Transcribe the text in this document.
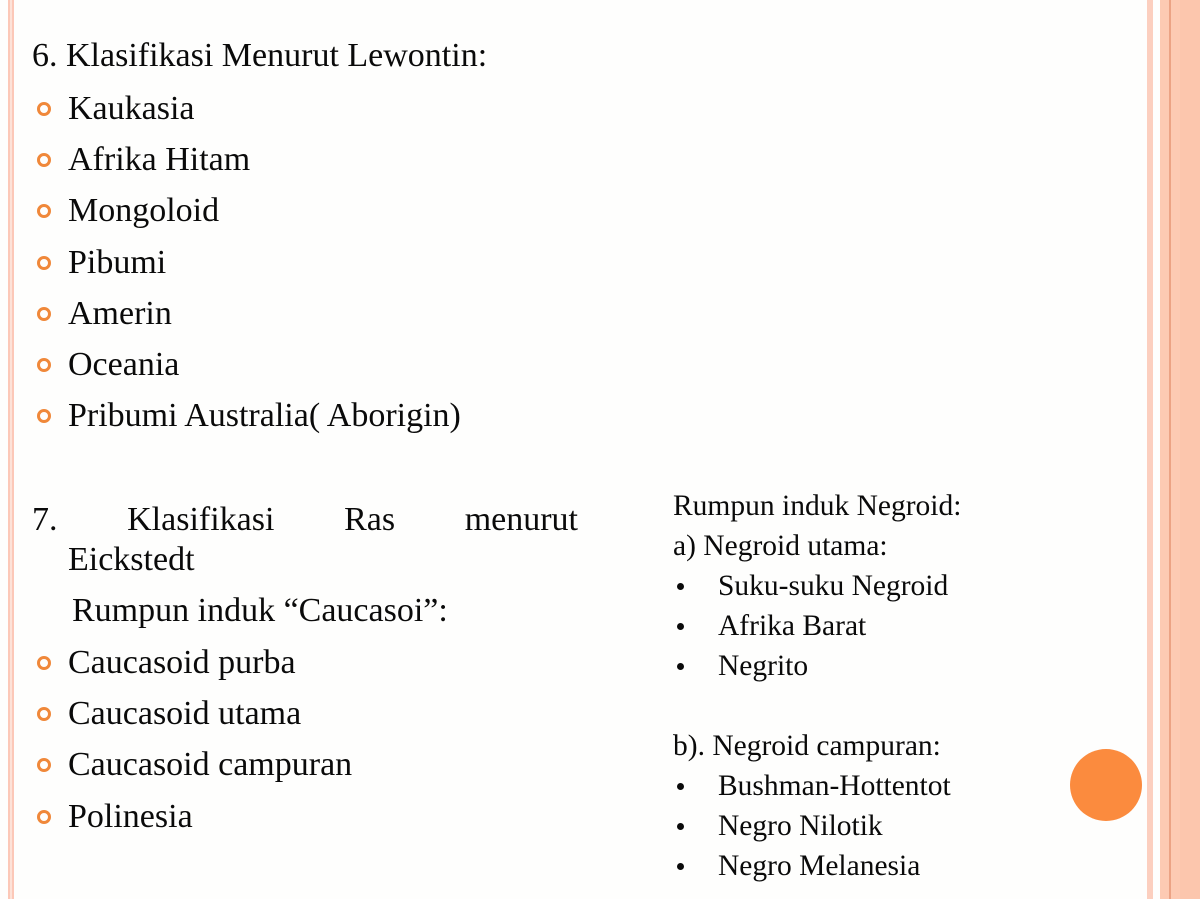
6. Klasifikasi Menurut Lewontin:
Kaukasia
Afrika Hitam
Mongoloid
Pibumi
Amerin
Oceania
Pribumi Australia( Aborigin)
7. Klasifikasi Ras menurut
Eickstedt
Rumpun induk “Caucasoi”:
Caucasoid purba
Caucasoid utama
Caucasoid campuran
Polinesia
Rumpun induk Negroid:
a) Negroid utama:
Suku-suku Negroid
Afrika Barat
Negrito
b). Negroid campuran:
Bushman-Hottentot
Negro Nilotik
Negro Melanesia
